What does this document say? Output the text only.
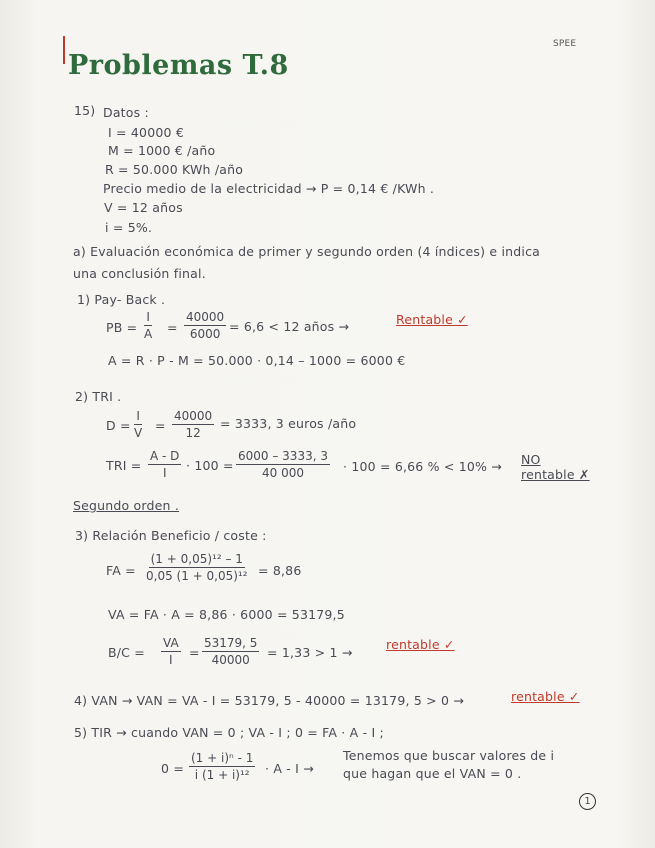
Problemas T.8
SPEE
15) Datos :
I = 40000 €
M = 1000 € /año
R = 50.000 KWh /año
Precio medio de la electricidad → P = 0,14 € /KWh .
V = 12 años
i = 5%.
a) Evaluación económica de primer y segundo orden (4 índices) e indica
una conclusión final.
1) Pay- Back .
PB = $\frac{I}{A} = \frac{40000}{6000} = 6,6 < 12$ años →	Rentable ✓
A = R · P - M = 50.000 · 0,14 – 1000 = 6000 €
2) TRI .
$D = \frac{I}{V} = \frac{40000}{12} = 3333$, 3 euros /año
TRI = $\frac{A - D}{I} \cdot 100 = \frac{6000 - 3333, 3}{40 000} \cdot 100 = 6,66$ % < 10% → NO
rentable ✗
Segundo orden .
3) Relación Beneficio / coste :
FA = $\frac{\text{(1 + 0,05)¹² – 1}}{\text{0,05 (1 + 0,05)¹²}} = 8,86$
VA = FA · A = 8,86 · 6000 = 53179,5
$B/C = \frac{VA}{I} = \frac{53179, 5}{40000} = 1,33 > 1$ →
rentable ✓
4) VAN → VAN = VA - I = 53179, 5 - 40000 = 13179, 5 > 0 →	rentable ✓
5) TIR → cuando VAN = 0 ; VA - I ; 0 = FA · A - I ;
$0 = \frac{\text{(1 + i)ⁿ - 1}}{\text{i (1 + i)¹²}} \cdot A - I$ →
Tenemos que buscar valores de i
que hagan que el VAN = 0 .
1
